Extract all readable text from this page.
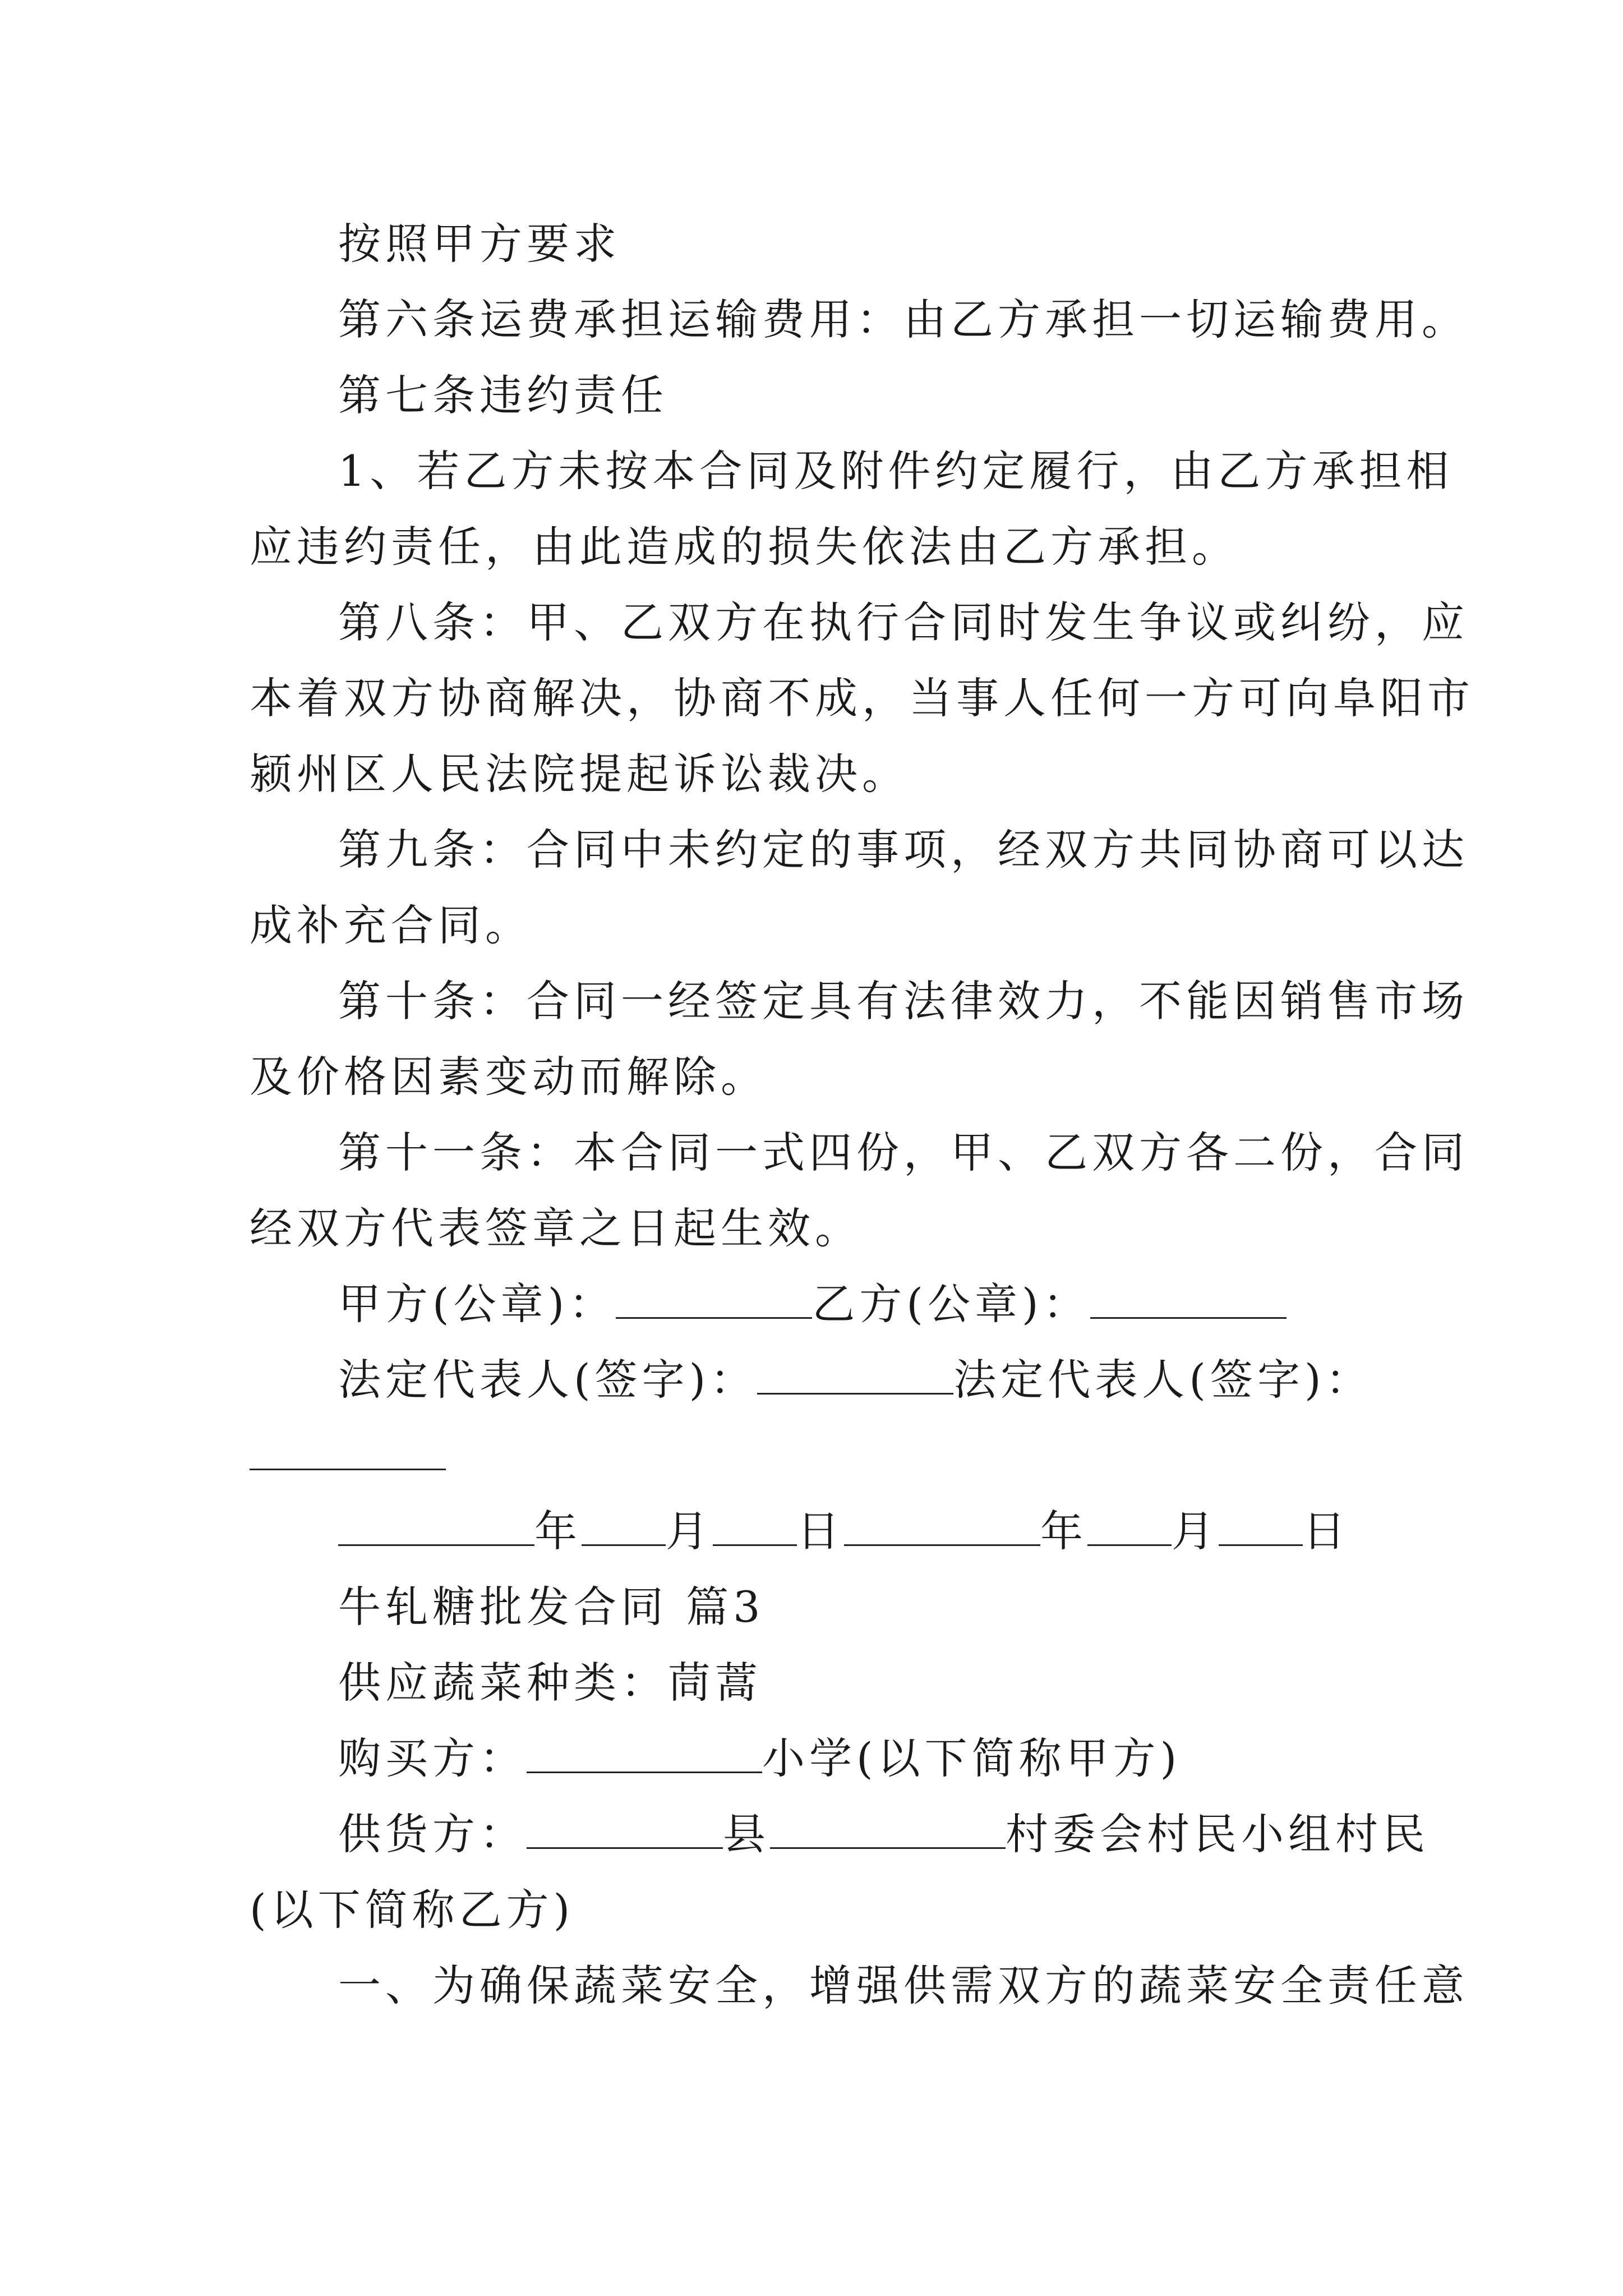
按照甲方要求
第六条运费承担运输费用：由乙方承担一切运输费用。
第七条违约责任
1、若乙方未按本合同及附件约定履行，由乙方承担相
应违约责任，由此造成的损失依法由乙方承担。
第八条：甲、乙双方在执行合同时发生争议或纠纷，应
本着双方协商解决，协商不成，当事人任何一方可向阜阳市
颍州区人民法院提起诉讼裁决。
第九条：合同中未约定的事项，经双方共同协商可以达
成补充合同。
第十条：合同一经签定具有法律效力，不能因销售市场
及价格因素变动而解除。
第十一条：本合同一式四份，甲、乙双方各二份，合同
经双方代表签章之日起生效。
甲方(公章)：	乙方(公章)：
法定代表人(签字)：	法定代表人(签字)：
年 月 日	年 月 日
牛轧糖批发合同 篇3
供应蔬菜种类：茼蒿
购买方：	小学(以下简称甲方)
供货方：	县	村委会村民小组村民
(以下简称乙方)
一、为确保蔬菜安全，增强供需双方的蔬菜安全责任意
